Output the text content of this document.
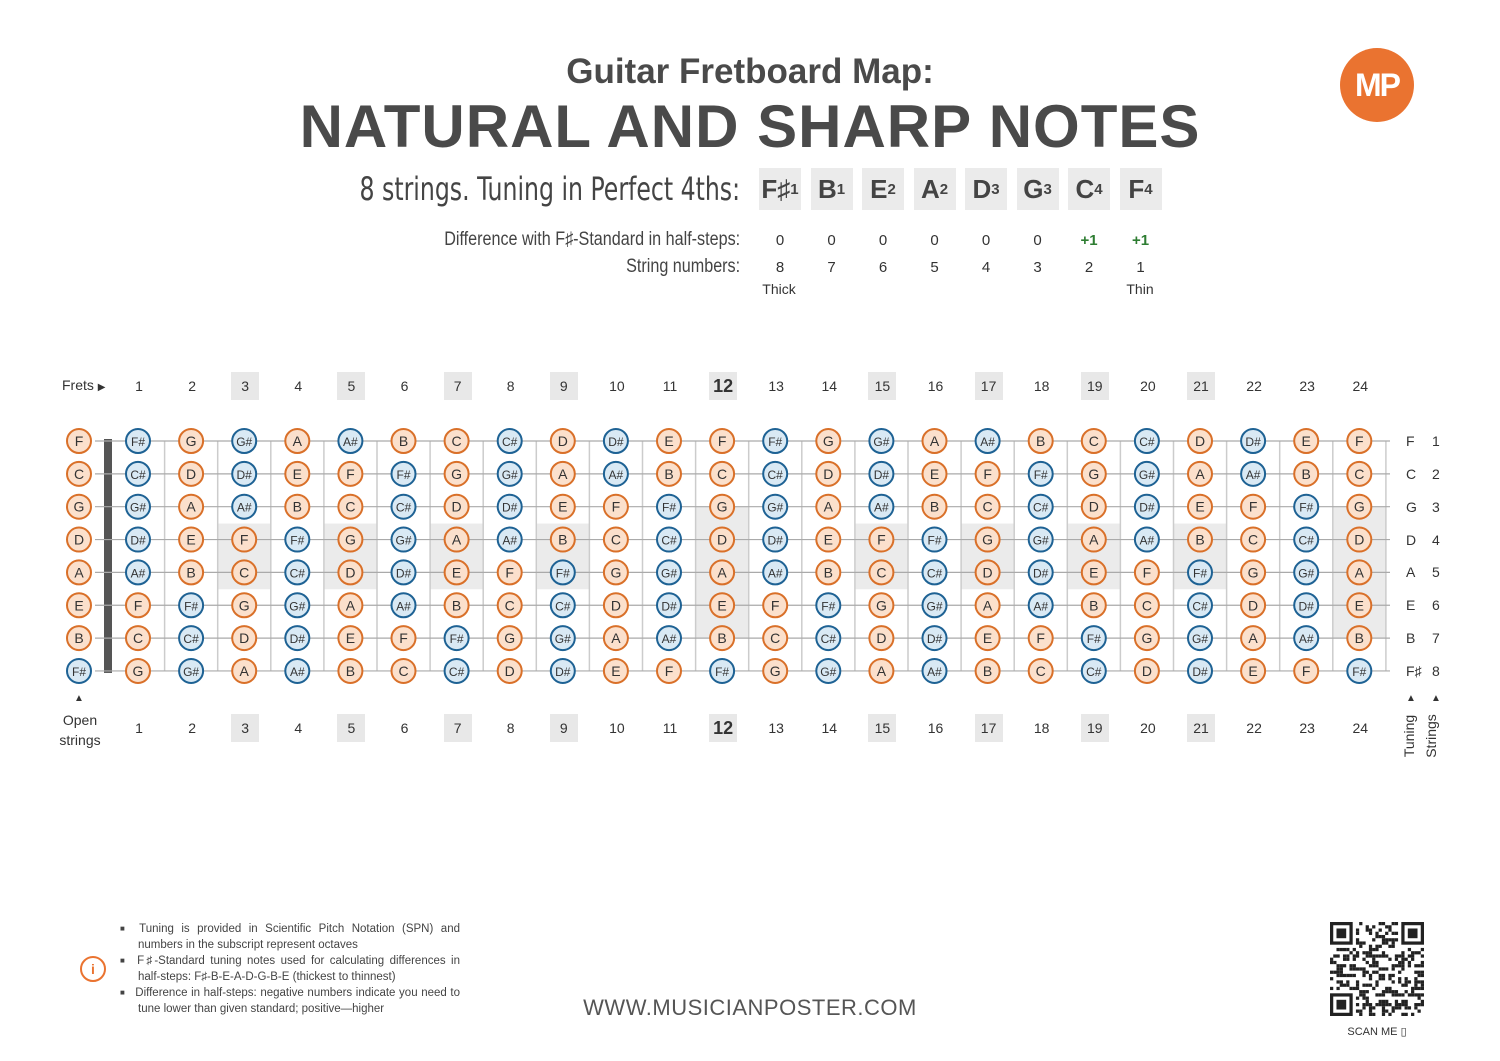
Guitar Fretboard Map:
NATURAL AND SHARP NOTES
MP
8 strings. Tuning in Perfect 4ths: F♯ 1 B 1 E 2 A 2 D 3 G 3 C 4 F 4
Difference with F♯-Standard in half-steps:
String numbers:
0	0	0	0	0	0	+1	+1
8	7	6	5	4	3	2	1
Thick	Thin
Frets ▶	1	2	3	4	5	6	7	8	9	10	11	12	13	14	15	16	17	18	19	20	21	22	23	24
1	2	3	4	5	6	7	8	9	10	11	12	13	14	15	16	17	18	19	20	21	22	23	24
F	F#	G	G#	A	A#	B	C	C#	D	D#	E	F	F#	G	G#	A	A#	B	C	C#	D	D#	E	F
C	C#	D	D#	E	F	F#	G	G#	A	A#	B	C	C#	D	D#	E	F	F#	G	G#	A	A#	B	C
G	G#	A	A#	B	C	C#	D	D#	E	F	F#	G	G#	A	A#	B	C	C#	D	D#	E	F	F#	G
D	D#	E	F	F#	G	G#	A	A#	B	C	C#	D	D#	E	F	F#	G	G#	A	A#	B	C	C#	D
A	A#	B	C	C#	D	D#	E	F	F#	G	G#	A	A#	B	C	C#	D	D#	E	F	F#	G	G#	A
E	F	F#	G	G#	A	A#	B	C	C#	D	D#	E	F	F#	G	G#	A	A#	B	C	C#	D	D#	E
B	C	C#	D	D#	E	F	F#	G	G#	A	A#	B	C	C#	D	D#	E	F	F#	G	G#	A	A#	B
F#	G	G#	A	A#	B	C	C#	D	D#	E	F	F#	G	G#	A	A#	B	C	C#	D	D#	E	F	F#
▲
Open strings
F 1
C 2
G 3
D 4
A 5
E 6
B 7
F♯ 8
▲ ▲
Tuning Strings
i
■ Tuning is provided in Scientific Pitch Notation (SPN) and numbers in the subscript represent octaves
■ F♯-Standard tuning notes used for calculating differences in half-steps: F♯-B-E-A-D-G-B-E (thickest to thinnest)
■ Difference in half-steps: negative numbers indicate you need to tune lower than given standard; positive—higher	WWW.MUSICIANPOSTER.COM
SCAN ME ▯
